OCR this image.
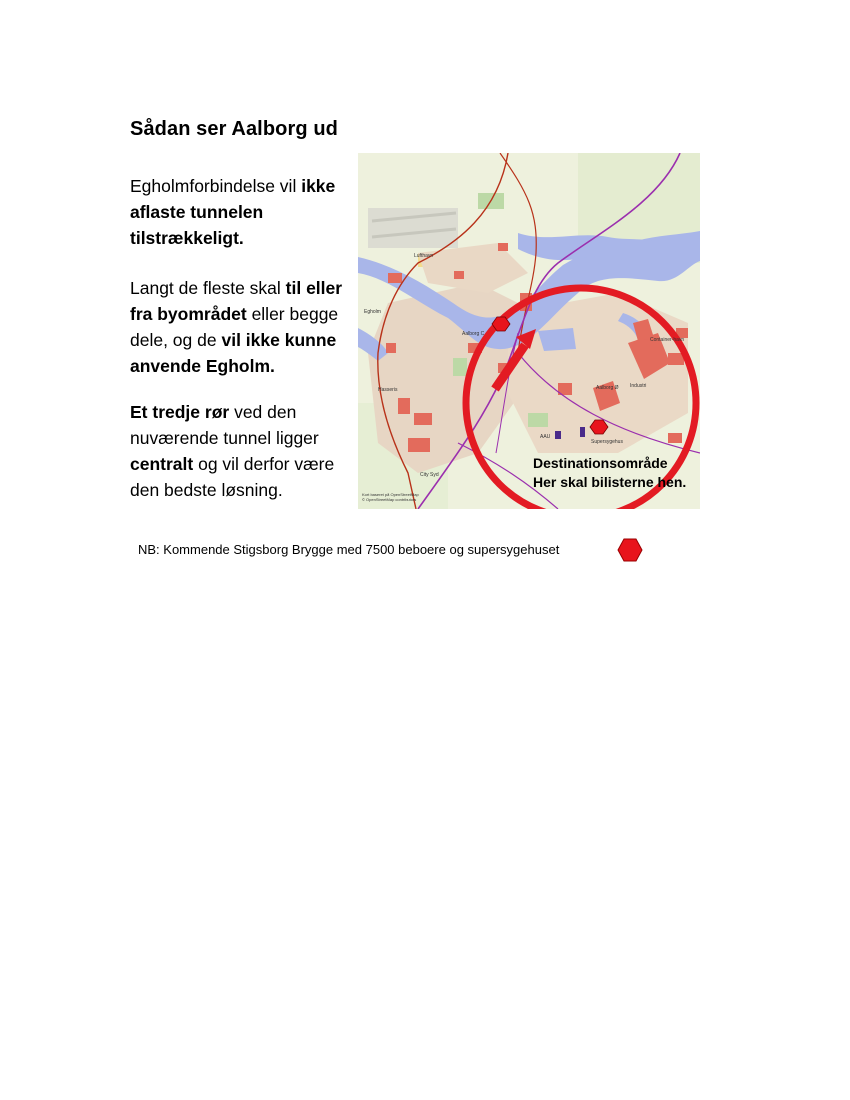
Sådan ser Aalborg ud

Egholmforbindelse vil ikke aflaste tunnelen tilstrækkeligt.

Langt de fleste skal til eller fra byområdet eller begge dele, og de vil ikke kunne anvende Egholm.

Et tredje rør ved den nuværende tunnel ligger centralt og vil derfor være den bedste løsning.

Lufthavn
Egholm
Aalborg C
Aalborg Ø
Hasseris
City Syd
AAU
Supersygehus
Container-havn
Industri

Destinationsområde
Her skal bilisterne hen.

Kort baseret på OpenStreetMap
© OpenStreetMap contributors

NB: Kommende Stigsborg Brygge med 7500 beboere og supersygehuset
